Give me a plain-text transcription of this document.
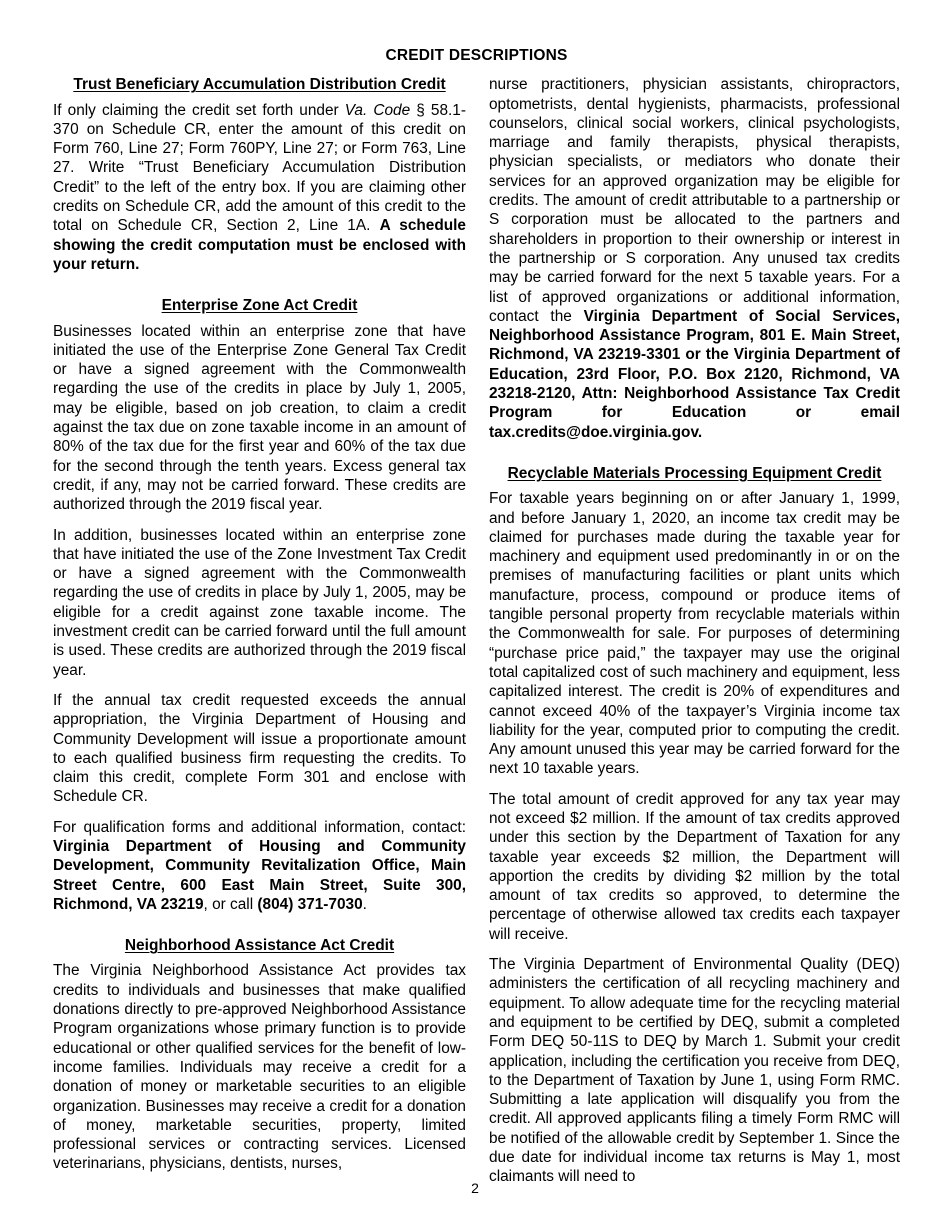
CREDIT DESCRIPTIONS
Trust Beneficiary Accumulation Distribution Credit

If only claiming the credit set forth under Va. Code § 58.1-370 on Schedule CR, enter the amount of this credit on Form 760, Line 27; Form 760PY, Line 27; or Form 763, Line 27. Write “Trust Beneficiary Accumulation Distribution Credit” to the left of the entry box. If you are claiming other credits on Schedule CR, add the amount of this credit to the total on Schedule CR, Section 2, Line 1A. A schedule showing the credit computation must be enclosed with your return.

Enterprise Zone Act Credit

Businesses located within an enterprise zone that have initiated the use of the Enterprise Zone General Tax Credit or have a signed agreement with the Commonwealth regarding the use of the credits in place by July 1, 2005, may be eligible, based on job creation, to claim a credit against the tax due on zone taxable income in an amount of 80% of the tax due for the first year and 60% of the tax due for the second through the tenth years. Excess general tax credit, if any, may not be carried forward. These credits are authorized through the 2019 fiscal year.

In addition, businesses located within an enterprise zone that have initiated the use of the Zone Investment Tax Credit or have a signed agreement with the Commonwealth regarding the use of credits in place by July 1, 2005, may be eligible for a credit against zone taxable income. The investment credit can be carried forward until the full amount is used. These credits are authorized through the 2019 fiscal year.

If the annual tax credit requested exceeds the annual appropriation, the Virginia Department of Housing and Community Development will issue a proportionate amount to each qualified business firm requesting the credits. To claim this credit, complete Form 301 and enclose with Schedule CR.

For qualification forms and additional information, contact: Virginia Department of Housing and Community Development, Community Revitalization Office, Main Street Centre, 600 East Main Street, Suite 300, Richmond, VA 23219, or call (804) 371-7030.

Neighborhood Assistance Act Credit

The Virginia Neighborhood Assistance Act provides tax credits to individuals and businesses that make qualified donations directly to pre-approved Neighborhood Assistance Program organizations whose primary function is to provide educational or other qualified services for the benefit of low-income families. Individuals may receive a credit for a donation of money or marketable securities to an eligible organization. Businesses may receive a credit for a donation of money, marketable securities, property, limited professional services or contracting services. Licensed veterinarians, physicians, dentists, nurses,

nurse practitioners, physician assistants, chiropractors, optometrists, dental hygienists, pharmacists, professional counselors, clinical social workers, clinical psychologists, marriage and family therapists, physical therapists, physician specialists, or mediators who donate their services for an approved organization may be eligible for credits. The amount of credit attributable to a partnership or S corporation must be allocated to the partners and shareholders in proportion to their ownership or interest in the partnership or S corporation. Any unused tax credits may be carried forward for the next 5 taxable years. For a list of approved organizations or additional information, contact the Virginia Department of Social Services, Neighborhood Assistance Program, 801 E. Main Street, Richmond, VA 23219-3301 or the Virginia Department of Education, 23rd Floor, P.O. Box 2120, Richmond, VA 23218-2120, Attn: Neighborhood Assistance Tax Credit Program for Education or email tax.credits@doe.virginia.gov.

Recyclable Materials Processing Equipment Credit

For taxable years beginning on or after January 1, 1999, and before January 1, 2020, an income tax credit may be claimed for purchases made during the taxable year for machinery and equipment used predominantly in or on the premises of manufacturing facilities or plant units which manufacture, process, compound or produce items of tangible personal property from recyclable materials within the Commonwealth for sale. For purposes of determining “purchase price paid,” the taxpayer may use the original total capitalized cost of such machinery and equipment, less capitalized interest. The credit is 20% of expenditures and cannot exceed 40% of the taxpayer’s Virginia income tax liability for the year, computed prior to computing the credit. Any amount unused this year may be carried forward for the next 10 taxable years.

The total amount of credit approved for any tax year may not exceed $2 million. If the amount of tax credits approved under this section by the Department of Taxation for any taxable year exceeds $2 million, the Department will apportion the credits by dividing $2 million by the total amount of tax credits so approved, to determine the percentage of otherwise allowed tax credits each taxpayer will receive.

The Virginia Department of Environmental Quality (DEQ) administers the certification of all recycling machinery and equipment. To allow adequate time for the recycling material and equipment to be certified by DEQ, submit a completed Form DEQ 50-11S to DEQ by March 1. Submit your credit application, including the certification you receive from DEQ, to the Department of Taxation by June 1, using Form RMC. Submitting a late application will disqualify you from the credit. All approved applicants filing a timely Form RMC will be notified of the allowable credit by September 1. Since the due date for individual income tax returns is May 1, most claimants will need to

2
